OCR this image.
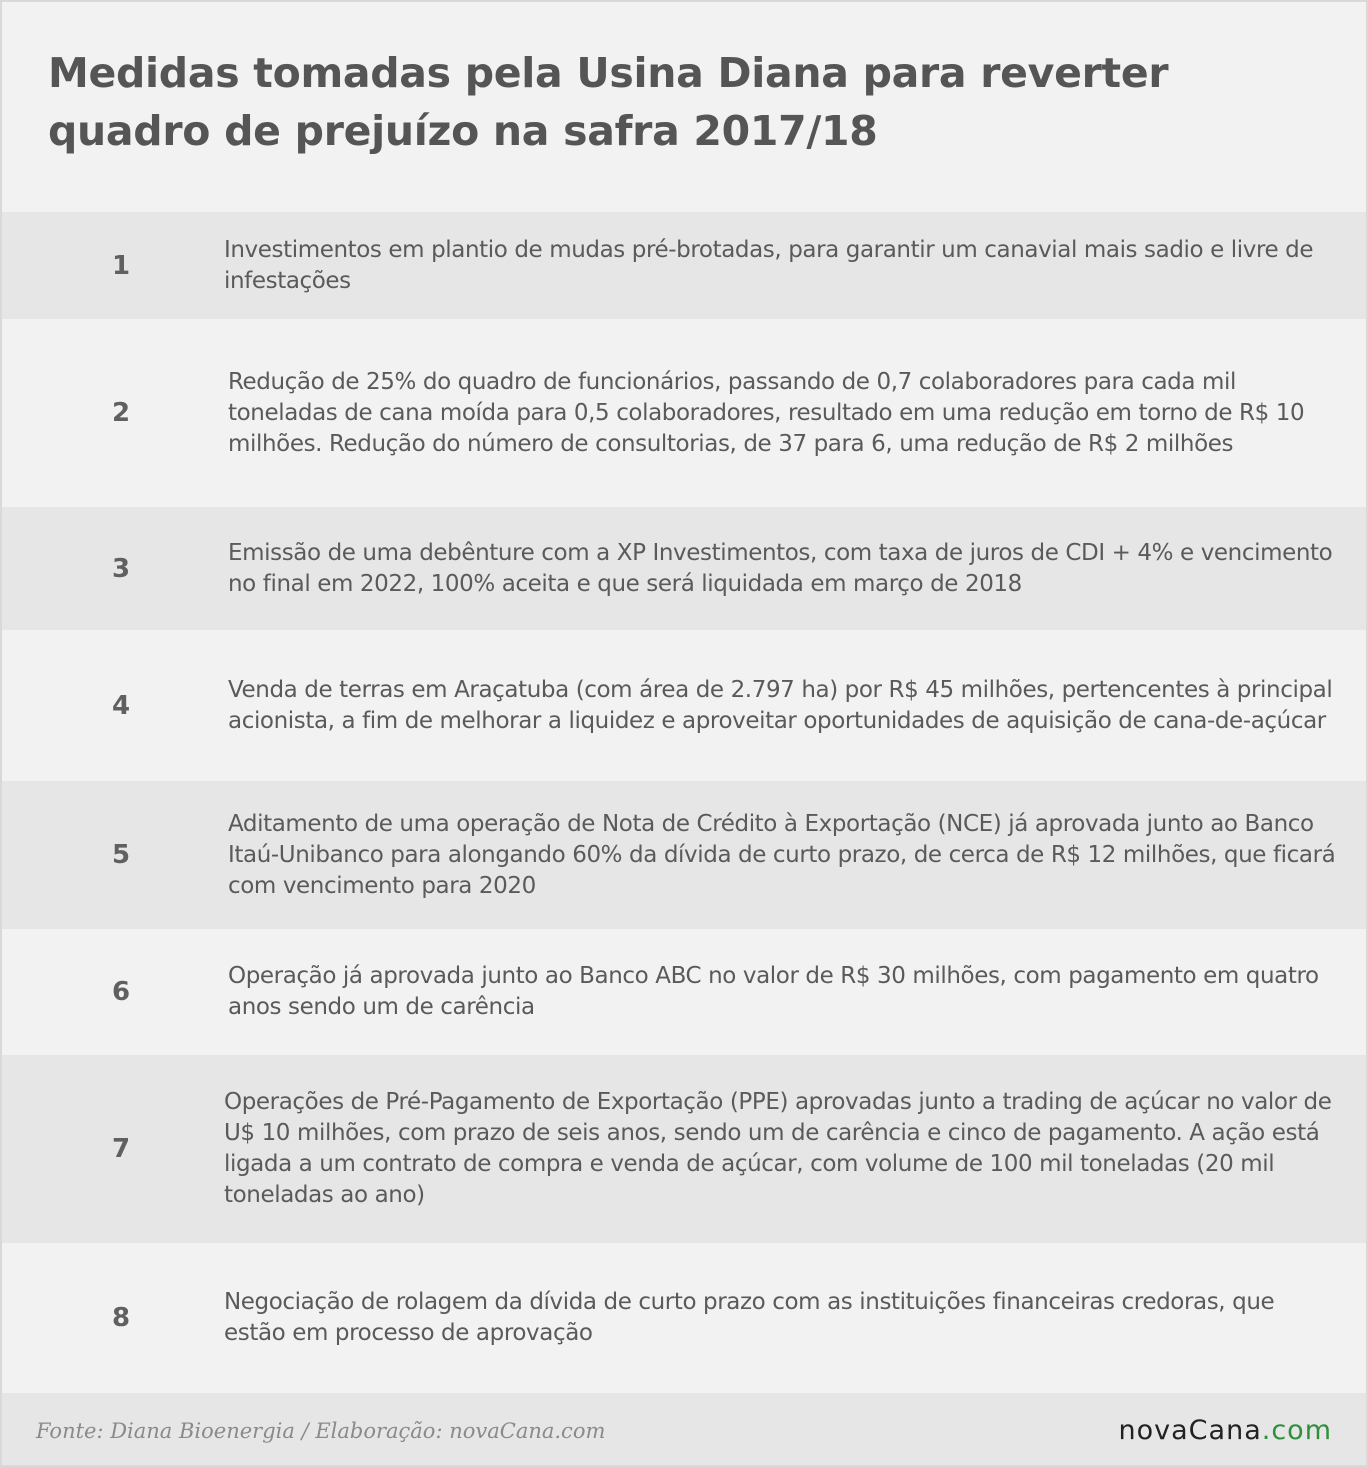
Medidas tomadas pela Usina Diana para reverter quadro de prejuízo na safra 2017/18
1
Investimentos em plantio de mudas pré-brotadas, para garantir um canavial mais sadio e livre de infestações
2
Redução de 25% do quadro de funcionários, passando de 0,7 colaboradores para cada mil toneladas de cana moída para 0,5 colaboradores, resultado em uma redução em torno de R$ 10 milhões. Redução do número de consultorias, de 37 para 6, uma redução de R$ 2 milhões
3
Emissão de uma debênture com a XP Investimentos, com taxa de juros de CDI + 4% e vencimento no final em 2022, 100% aceita e que será liquidada em março de 2018
4
Venda de terras em Araçatuba (com área de 2.797 ha) por R$ 45 milhões, pertencentes à principal acionista, a fim de melhorar a liquidez e aproveitar oportunidades de aquisição de cana-de-açúcar
5
Aditamento de uma operação de Nota de Crédito à Exportação (NCE) já aprovada junto ao Banco Itaú-Unibanco para alongando 60% da dívida de curto prazo, de cerca de R$ 12 milhões, que ficará com vencimento para 2020
6
Operação já aprovada junto ao Banco ABC no valor de R$ 30 milhões, com pagamento em quatro anos sendo um de carência
7
Operações de Pré-Pagamento de Exportação (PPE) aprovadas junto a trading de açúcar no valor de U$ 10 milhões, com prazo de seis anos, sendo um de carência e cinco de pagamento. A ação está ligada a um contrato de compra e venda de açúcar, com volume de 100 mil toneladas (20 mil toneladas ao ano)
8
Negociação de rolagem da dívida de curto prazo com as instituições financeiras credoras, que estão em processo de aprovação
Fonte: Diana Bioenergia / Elaboração: novaCana.com	novaCana.com
